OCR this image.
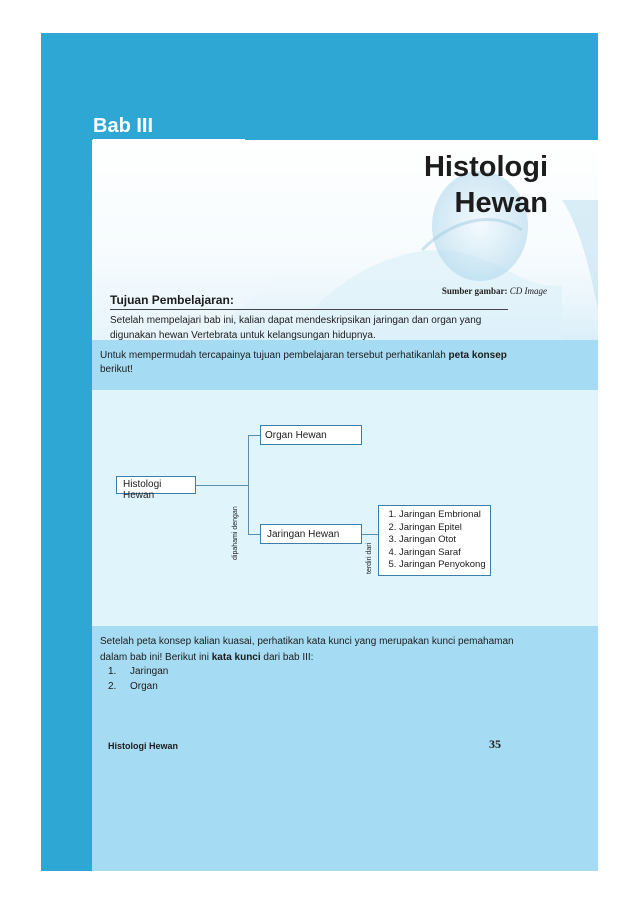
Bab III
Histologi
Hewan
Sumber gambar: CD Image
Tujuan Pembelajaran:
Setelah mempelajari bab ini, kalian dapat mendeskripsikan jaringan dan organ yang digunakan hewan Vertebrata untuk kelangsungan hidupnya.
Untuk mempermudah tercapainya tujuan pembelajaran tersebut perhatikanlah peta konsep
berikut!
Histologi Hewan
dipahami dengan
Organ Hewan
Jaringan Hewan
terdiri dari
1. Jaringan Embrional
2. Jaringan Epitel
3. Jaringan Otot
4. Jaringan Saraf
5. Jaringan Penyokong
Setelah peta konsep kalian kuasai, perhatikan kata kunci yang merupakan kunci pemahaman dalam bab ini! Berikut ini kata kunci dari bab III:
1. Jaringan
2. Organ
Histologi Hewan	35
